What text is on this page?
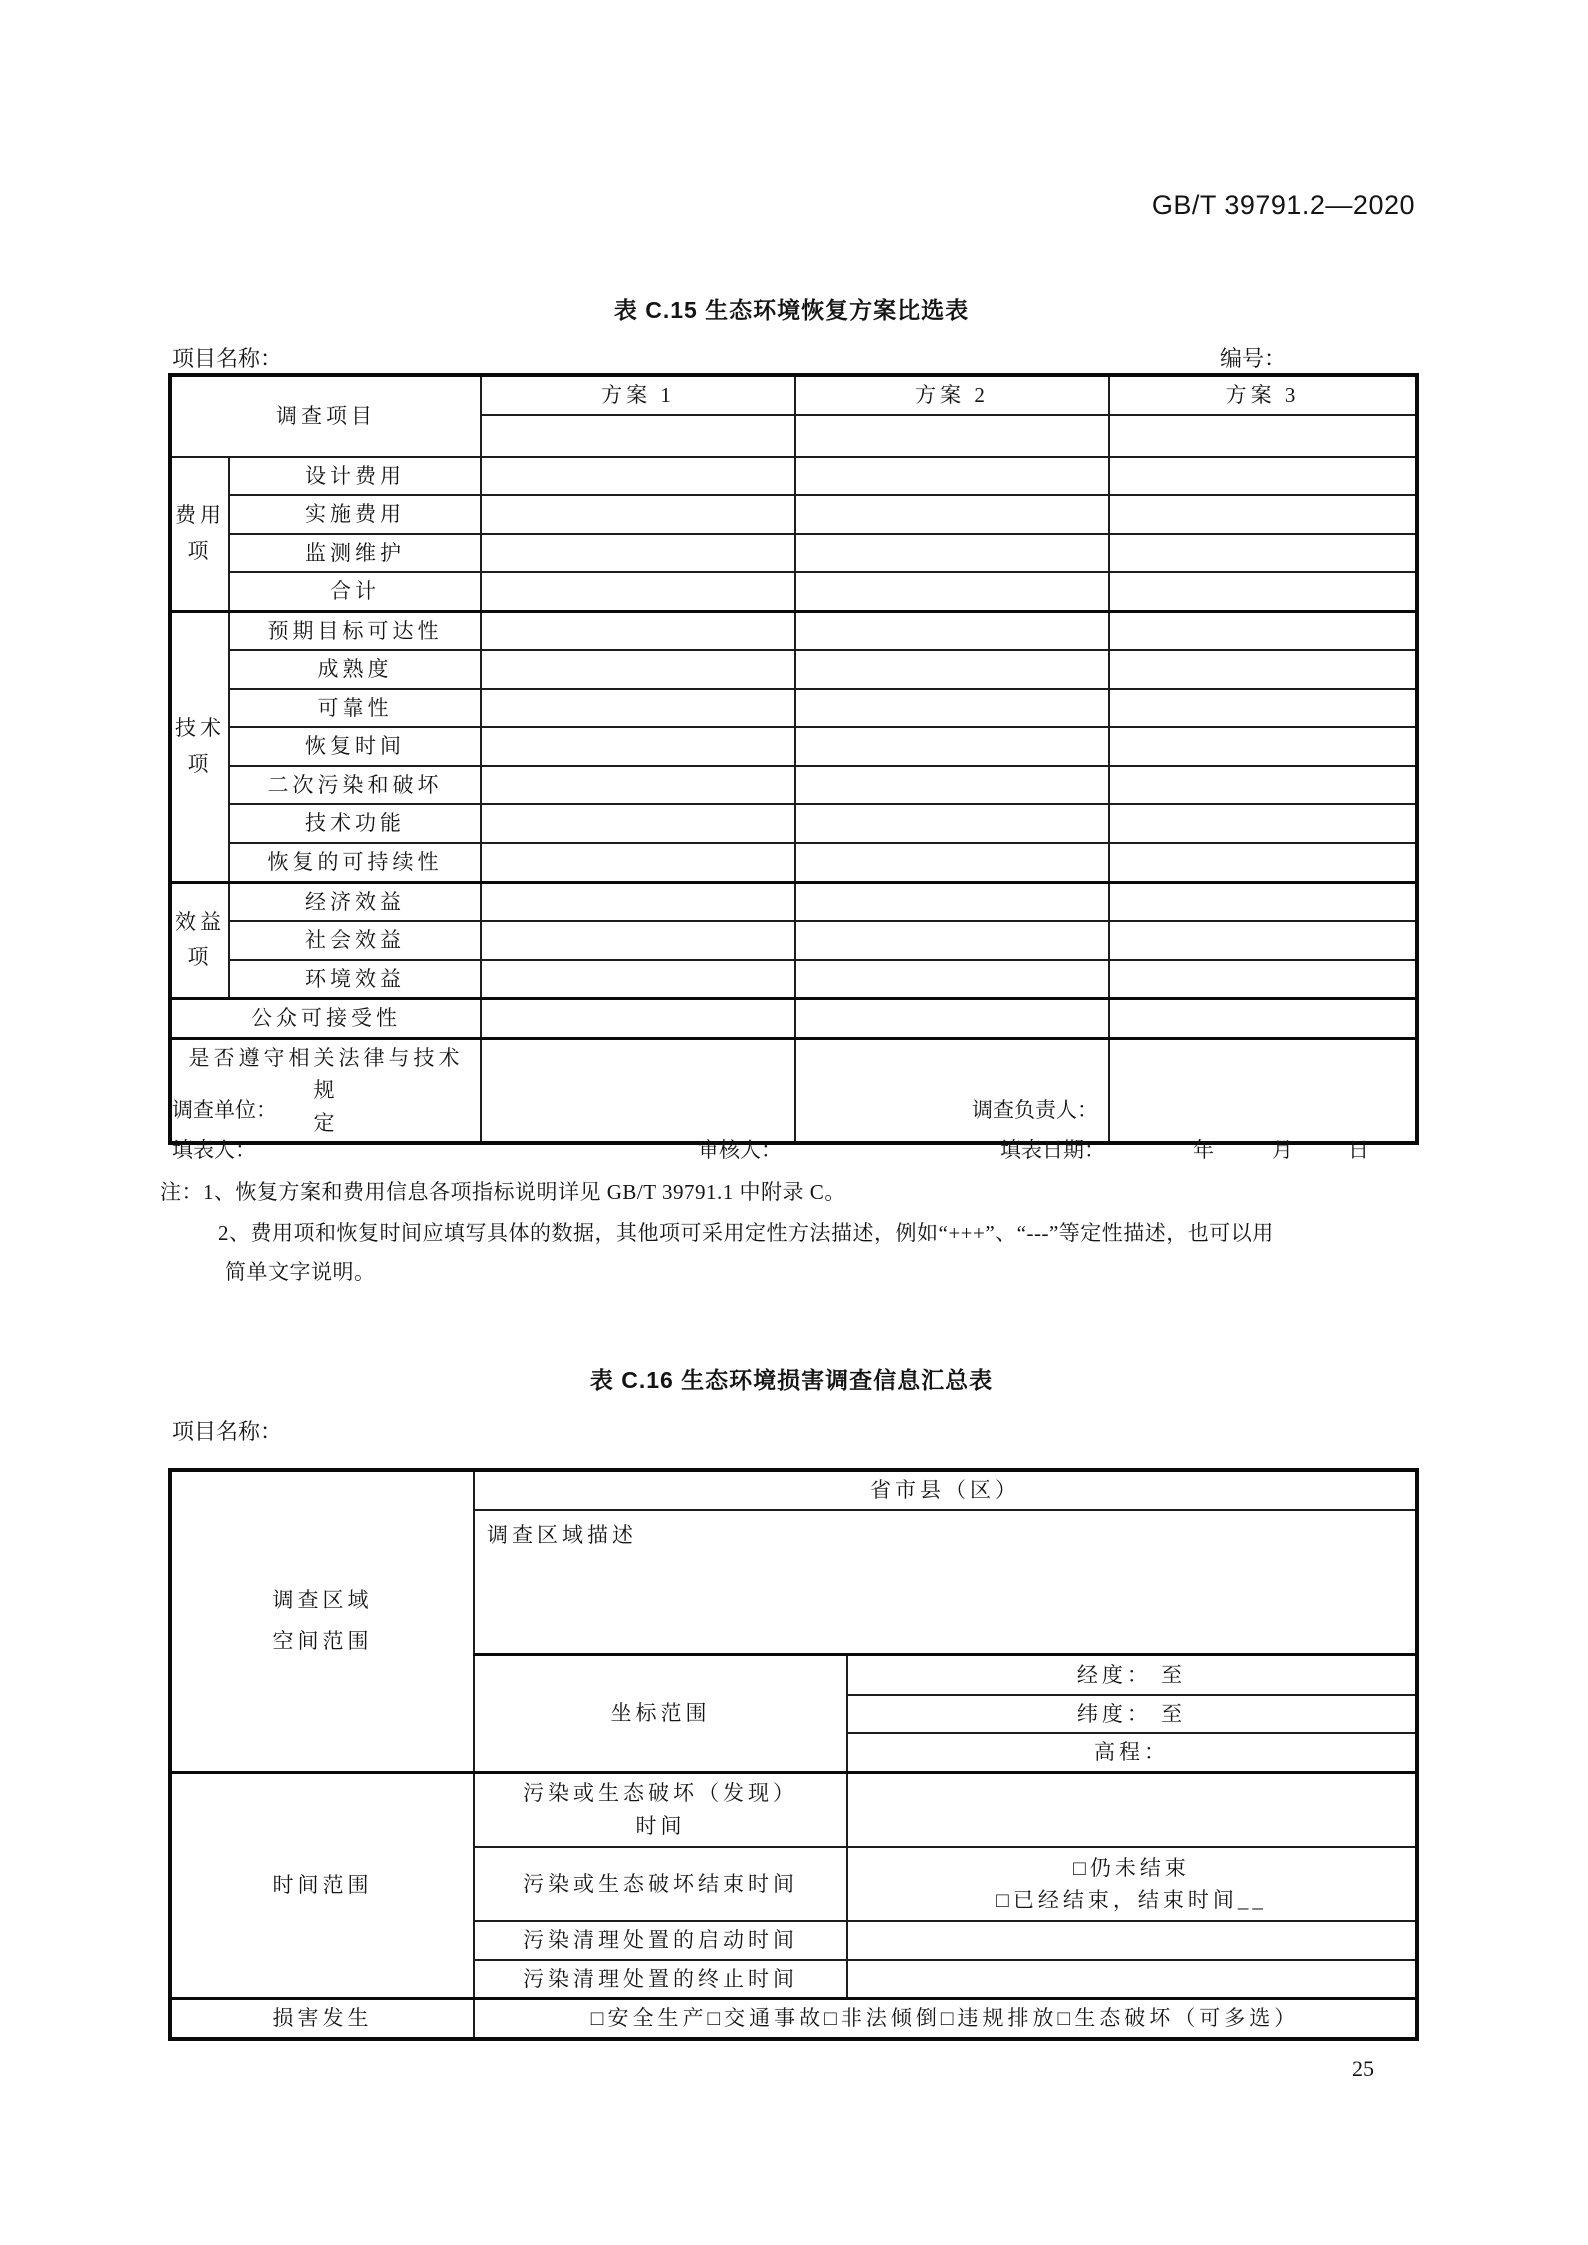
GB/T 39791.2—2020
表 C.15 生态环境恢复方案比选表
项目名称：	编号：
调查项目		方案 1	方案 2	方案 3

费用项	设计费用			
	实施费用			
	监测维护			
	合计			
技术项	预期目标可达性			
	成熟度			
	可靠性			
	恢复时间			
	二次污染和破坏			
	技术功能			
	恢复的可持续性			
效益项	经济效益			
	社会效益			
	环境效益			
公众可接受性				
是否遵守相关法律与技术规
定				
调查单位：	调查负责人：
填表人：	审核人：	填表日期：	年	月	日
注：1、恢复方案和费用信息各项指标说明详见 GB/T 39791.1 中附录 C。
2、费用项和恢复时间应填写具体的数据，其他项可采用定性方法描述，例如“+++”、“---”等定性描述，也可以用
简单文字说明。
表 C.16 生态环境损害调查信息汇总表
项目名称：
调查区域
空间范围	省市县（区）	
	调查区域描述	
	坐标范围	经度： 至
		纬度： 至
		高程：
时间范围	污染或生态破坏（发现）
时间	
	污染或生态破坏结束时间	□仍未结束
□已经结束，结束时间__
	污染清理处置的启动时间	
	污染清理处置的终止时间	
损害发生	□安全生产□交通事故□非法倾倒□违规排放□生态破坏（可多选）	
25
